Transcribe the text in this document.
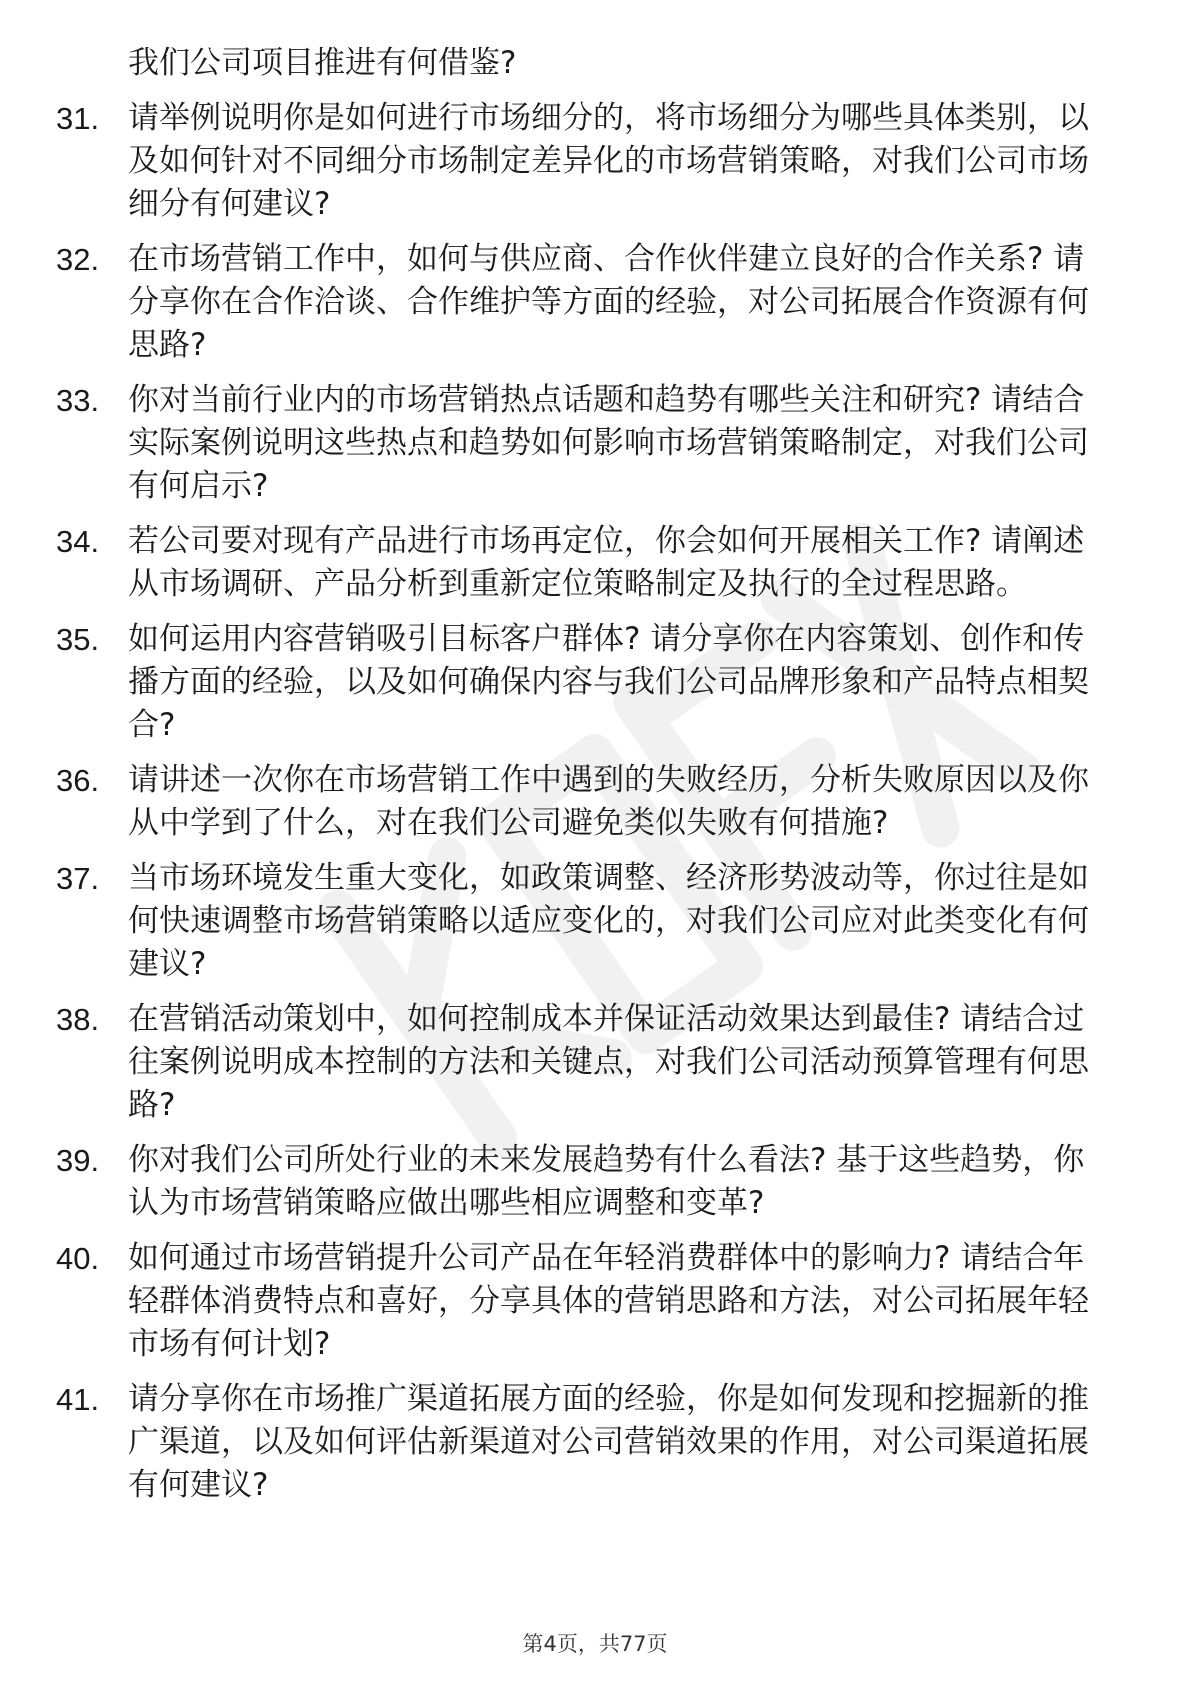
我们公司项目推进有何借鉴?
31. 请举例说明你是如何进行市场细分的，将市场细分为哪些具体类别，以及如何针对不同细分市场制定差异化的市场营销策略，对我们公司市场细分有何建议?
32. 在市场营销工作中，如何与供应商、合作伙伴建立良好的合作关系? 请分享你在合作洽谈、合作维护等方面的经验，对公司拓展合作资源有何思路?
33. 你对当前行业内的市场营销热点话题和趋势有哪些关注和研究? 请结合实际案例说明这些热点和趋势如何影响市场营销策略制定，对我们公司有何启示?
34. 若公司要对现有产品进行市场再定位，你会如何开展相关工作? 请阐述从市场调研、产品分析到重新定位策略制定及执行的全过程思路。
35. 如何运用内容营销吸引目标客户群体? 请分享你在内容策划、创作和传播方面的经验，以及如何确保内容与我们公司品牌形象和产品特点相契合?
36. 请讲述一次你在市场营销工作中遇到的失败经历，分析失败原因以及你从中学到了什么，对在我们公司避免类似失败有何措施?
37. 当市场环境发生重大变化，如政策调整、经济形势波动等，你过往是如何快速调整市场营销策略以适应变化的，对我们公司应对此类变化有何建议?
38. 在营销活动策划中，如何控制成本并保证活动效果达到最佳? 请结合过往案例说明成本控制的方法和关键点，对我们公司活动预算管理有何思路?
39. 你对我们公司所处行业的未来发展趋势有什么看法? 基于这些趋势，你认为市场营销策略应做出哪些相应调整和变革?
40. 如何通过市场营销提升公司产品在年轻消费群体中的影响力? 请结合年轻群体消费特点和喜好，分享具体的营销思路和方法，对公司拓展年轻市场有何计划?
41. 请分享你在市场推广渠道拓展方面的经验，你是如何发现和挖掘新的推广渠道，以及如何评估新渠道对公司营销效果的作用，对公司渠道拓展有何建议?
第4页，共77页
